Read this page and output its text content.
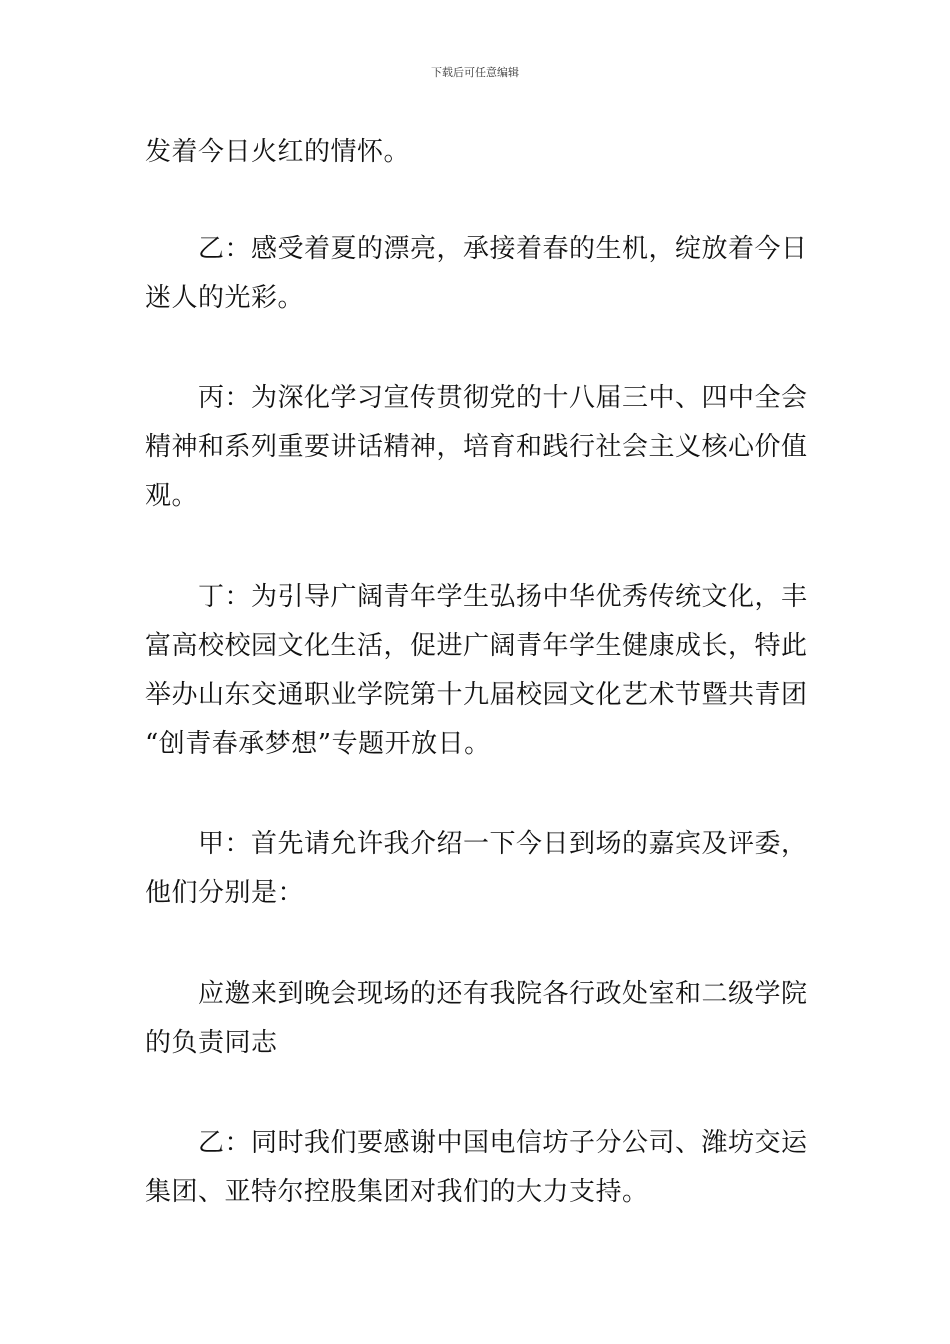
下载后可任意编辑
发着今日火红的情怀。
乙：感受着夏的漂亮，承接着春的生机，绽放着今日
迷人的光彩。
丙：为深化学习宣传贯彻党的十八届三中、四中全会
精神和系列重要讲话精神，培育和践行社会主义核心价值
观。
丁：为引导广阔青年学生弘扬中华优秀传统文化，丰
富高校校园文化生活，促进广阔青年学生健康成长，特此
举办山东交通职业学院第十九届校园文化艺术节暨共青团
“创青春承梦想”专题开放日。
甲：首先请允许我介绍一下今日到场的嘉宾及评委，
他们分别是：
应邀来到晚会现场的还有我院各行政处室和二级学院
的负责同志
乙：同时我们要感谢中国电信坊子分公司、潍坊交运
集团、亚特尔控股集团对我们的大力支持。
